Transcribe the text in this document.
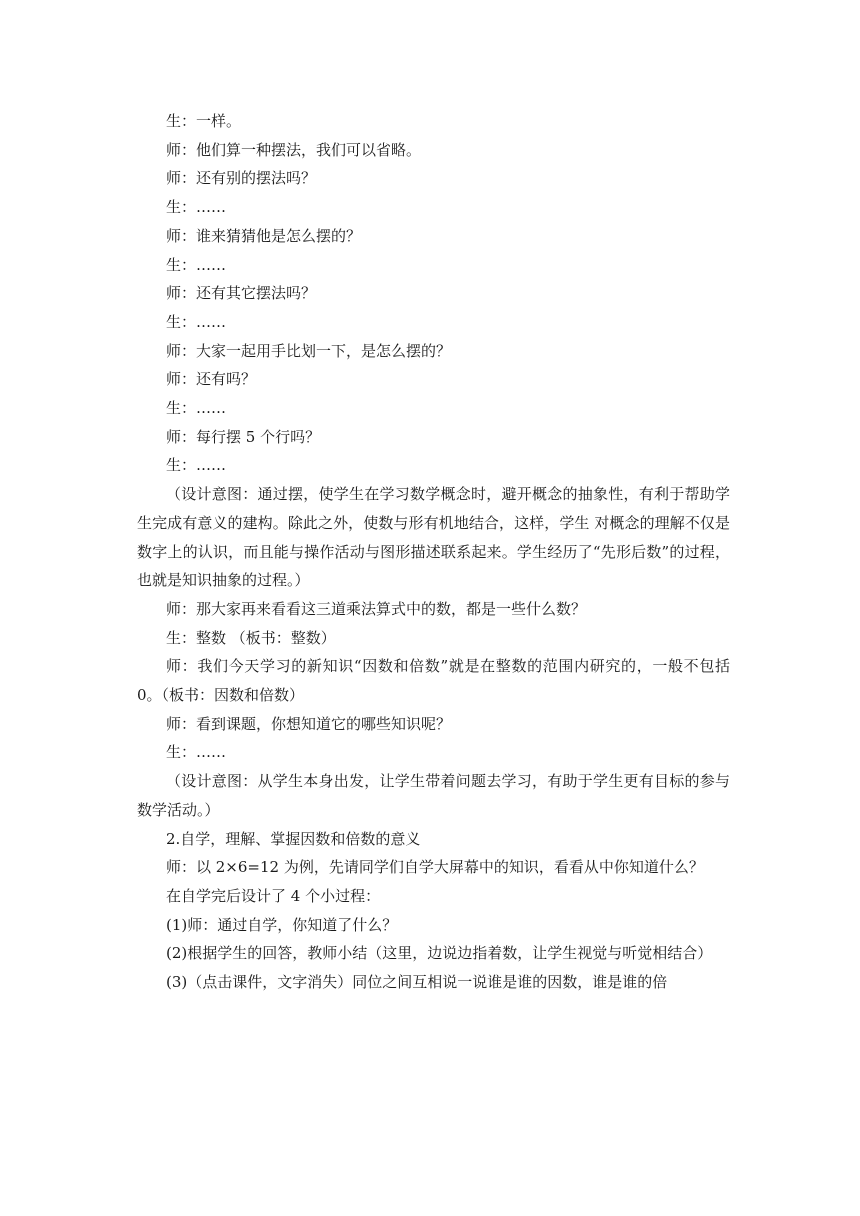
生：一样。

师：他们算一种摆法，我们可以省略。

师：还有别的摆法吗？

生：……

师：谁来猜猜他是怎么摆的？

生：……

师：还有其它摆法吗？

生：……

师：大家一起用手比划一下，是怎么摆的？

师：还有吗？

生：……

师：每行摆 5 个行吗？

生：……

（设计意图：通过摆，使学生在学习数学概念时，避开概念的抽象性，有利于帮助学生完成有意义的建构。除此之外，使数与形有机地结合，这样，学生 对概念的理解不仅是数字上的认识，而且能与操作活动与图形描述联系起来。学生经历了“先形后数”的过程，也就是知识抽象的过程。）

师：那大家再来看看这三道乘法算式中的数，都是一些什么数？

生：整数 （板书：整数）

师：我们今天学习的新知识“因数和倍数”就是在整数的范围内研究的，一般不包括 0。（板书：因数和倍数）

师：看到课题，你想知道它的哪些知识呢？

生：……

（设计意图：从学生本身出发，让学生带着问题去学习，有助于学生更有目标的参与数学活动。）

2.自学，理解、掌握因数和倍数的意义

师：以 2×6=12 为例，先请同学们自学大屏幕中的知识，看看从中你知道什么？

在自学完后设计了 4 个小过程：

(1)师：通过自学，你知道了什么？

(2)根据学生的回答，教师小结（这里，边说边指着数，让学生视觉与听觉相结合）

(3)（点击课件，文字消失）同位之间互相说一说谁是谁的因数，谁是谁的倍
